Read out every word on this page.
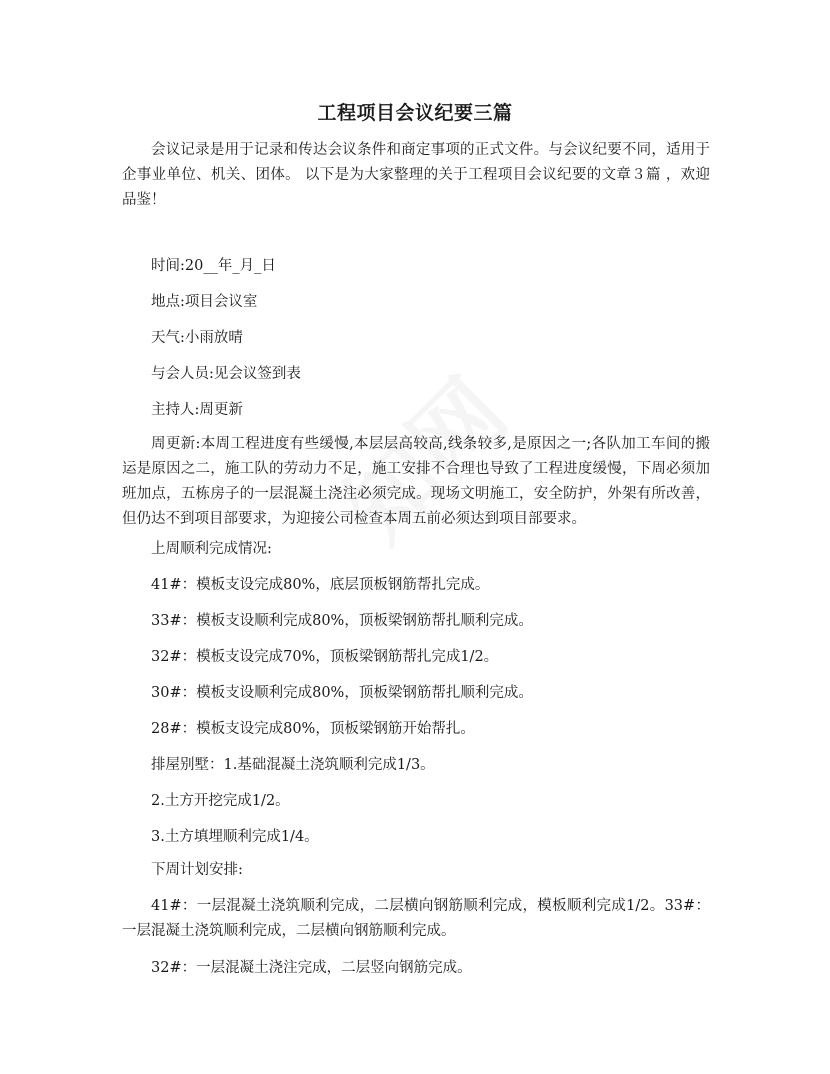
工程项目会议纪要三篇
会议记录是用于记录和传达会议条件和商定事项的正式文件。与会议纪要不同，适用于企事业单位、机关、团体。 以下是为大家整理的关于工程项目会议纪要的文章３篇 ，欢迎品鉴！
时间:20__年_月_日
地点:项目会议室
天气:小雨放晴
与会人员:见会议签到表
主持人:周更新
周更新:本周工程进度有些缓慢,本层层高较高,线条较多,是原因之一;各队加工车间的搬运是原因之二，施工队的劳动力不足，施工安排不合理也导致了工程进度缓慢，下周必须加班加点，五栋房子的一层混凝土浇注必须完成。现场文明施工，安全防护，外架有所改善，但仍达不到项目部要求，为迎接公司检查本周五前必须达到项目部要求。
上周顺利完成情况:
41#：模板支设完成80%，底层顶板钢筋帮扎完成。
33#：模板支设顺利完成80%，顶板梁钢筋帮扎顺利完成。
32#：模板支设完成70%，顶板梁钢筋帮扎完成1/2。
30#：模板支设顺利完成80%，顶板梁钢筋帮扎顺利完成。
28#：模板支设完成80%，顶板梁钢筋开始帮扎。
排屋别墅：1.基础混凝土浇筑顺利完成1/3。
2.土方开挖完成1/2。
3.土方填埋顺利完成1/4。
下周计划安排:
41#：一层混凝土浇筑顺利完成，二层横向钢筋顺利完成，模板顺利完成1/2。33#：一层混凝土浇筑顺利完成，二层横向钢筋顺利完成。
32#：一层混凝土浇注完成，二层竖向钢筋完成。
